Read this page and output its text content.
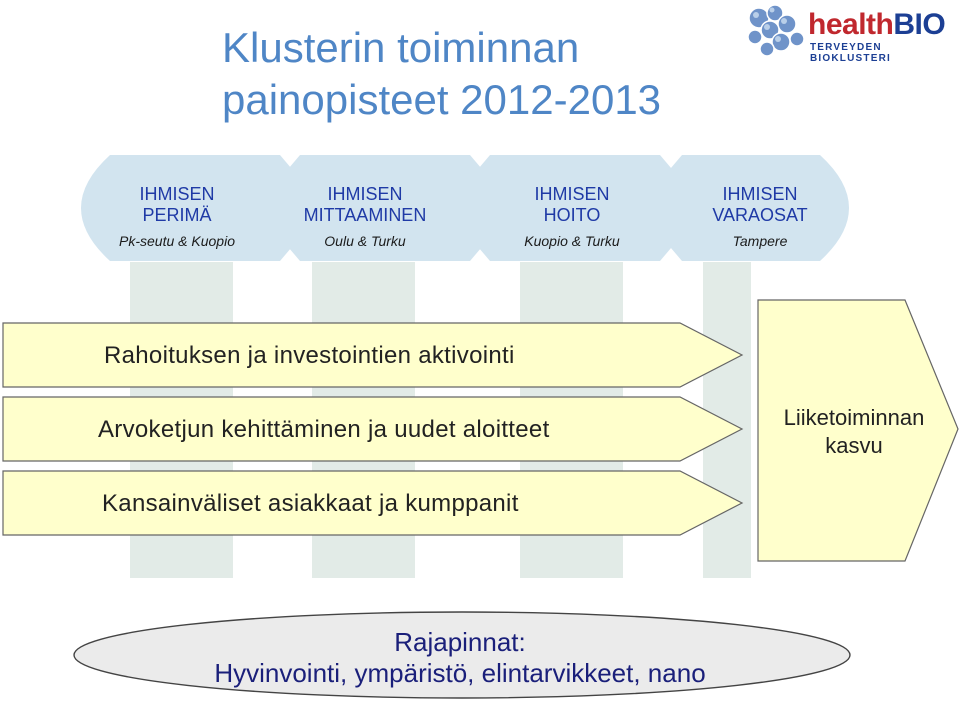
Klusterin toiminnan
painopisteet 2012-2013
healthBIO
TERVEYDEN BIOKLUSTERI
IHMISEN
PERIMÄ
Pk-seutu & Kuopio
IHMISEN
MITTAAMINEN
Oulu & Turku
IHMISEN
HOITO
Kuopio & Turku
IHMISEN
VARAOSAT
Tampere
Rahoituksen ja investointien aktivointi
Arvoketjun kehittäminen ja uudet aloitteet
Kansainväliset asiakkaat ja kumppanit
Liiketoiminnan
kasvu
Rajapinnat:
Hyvinvointi, ympäristö, elintarvikkeet, nano
